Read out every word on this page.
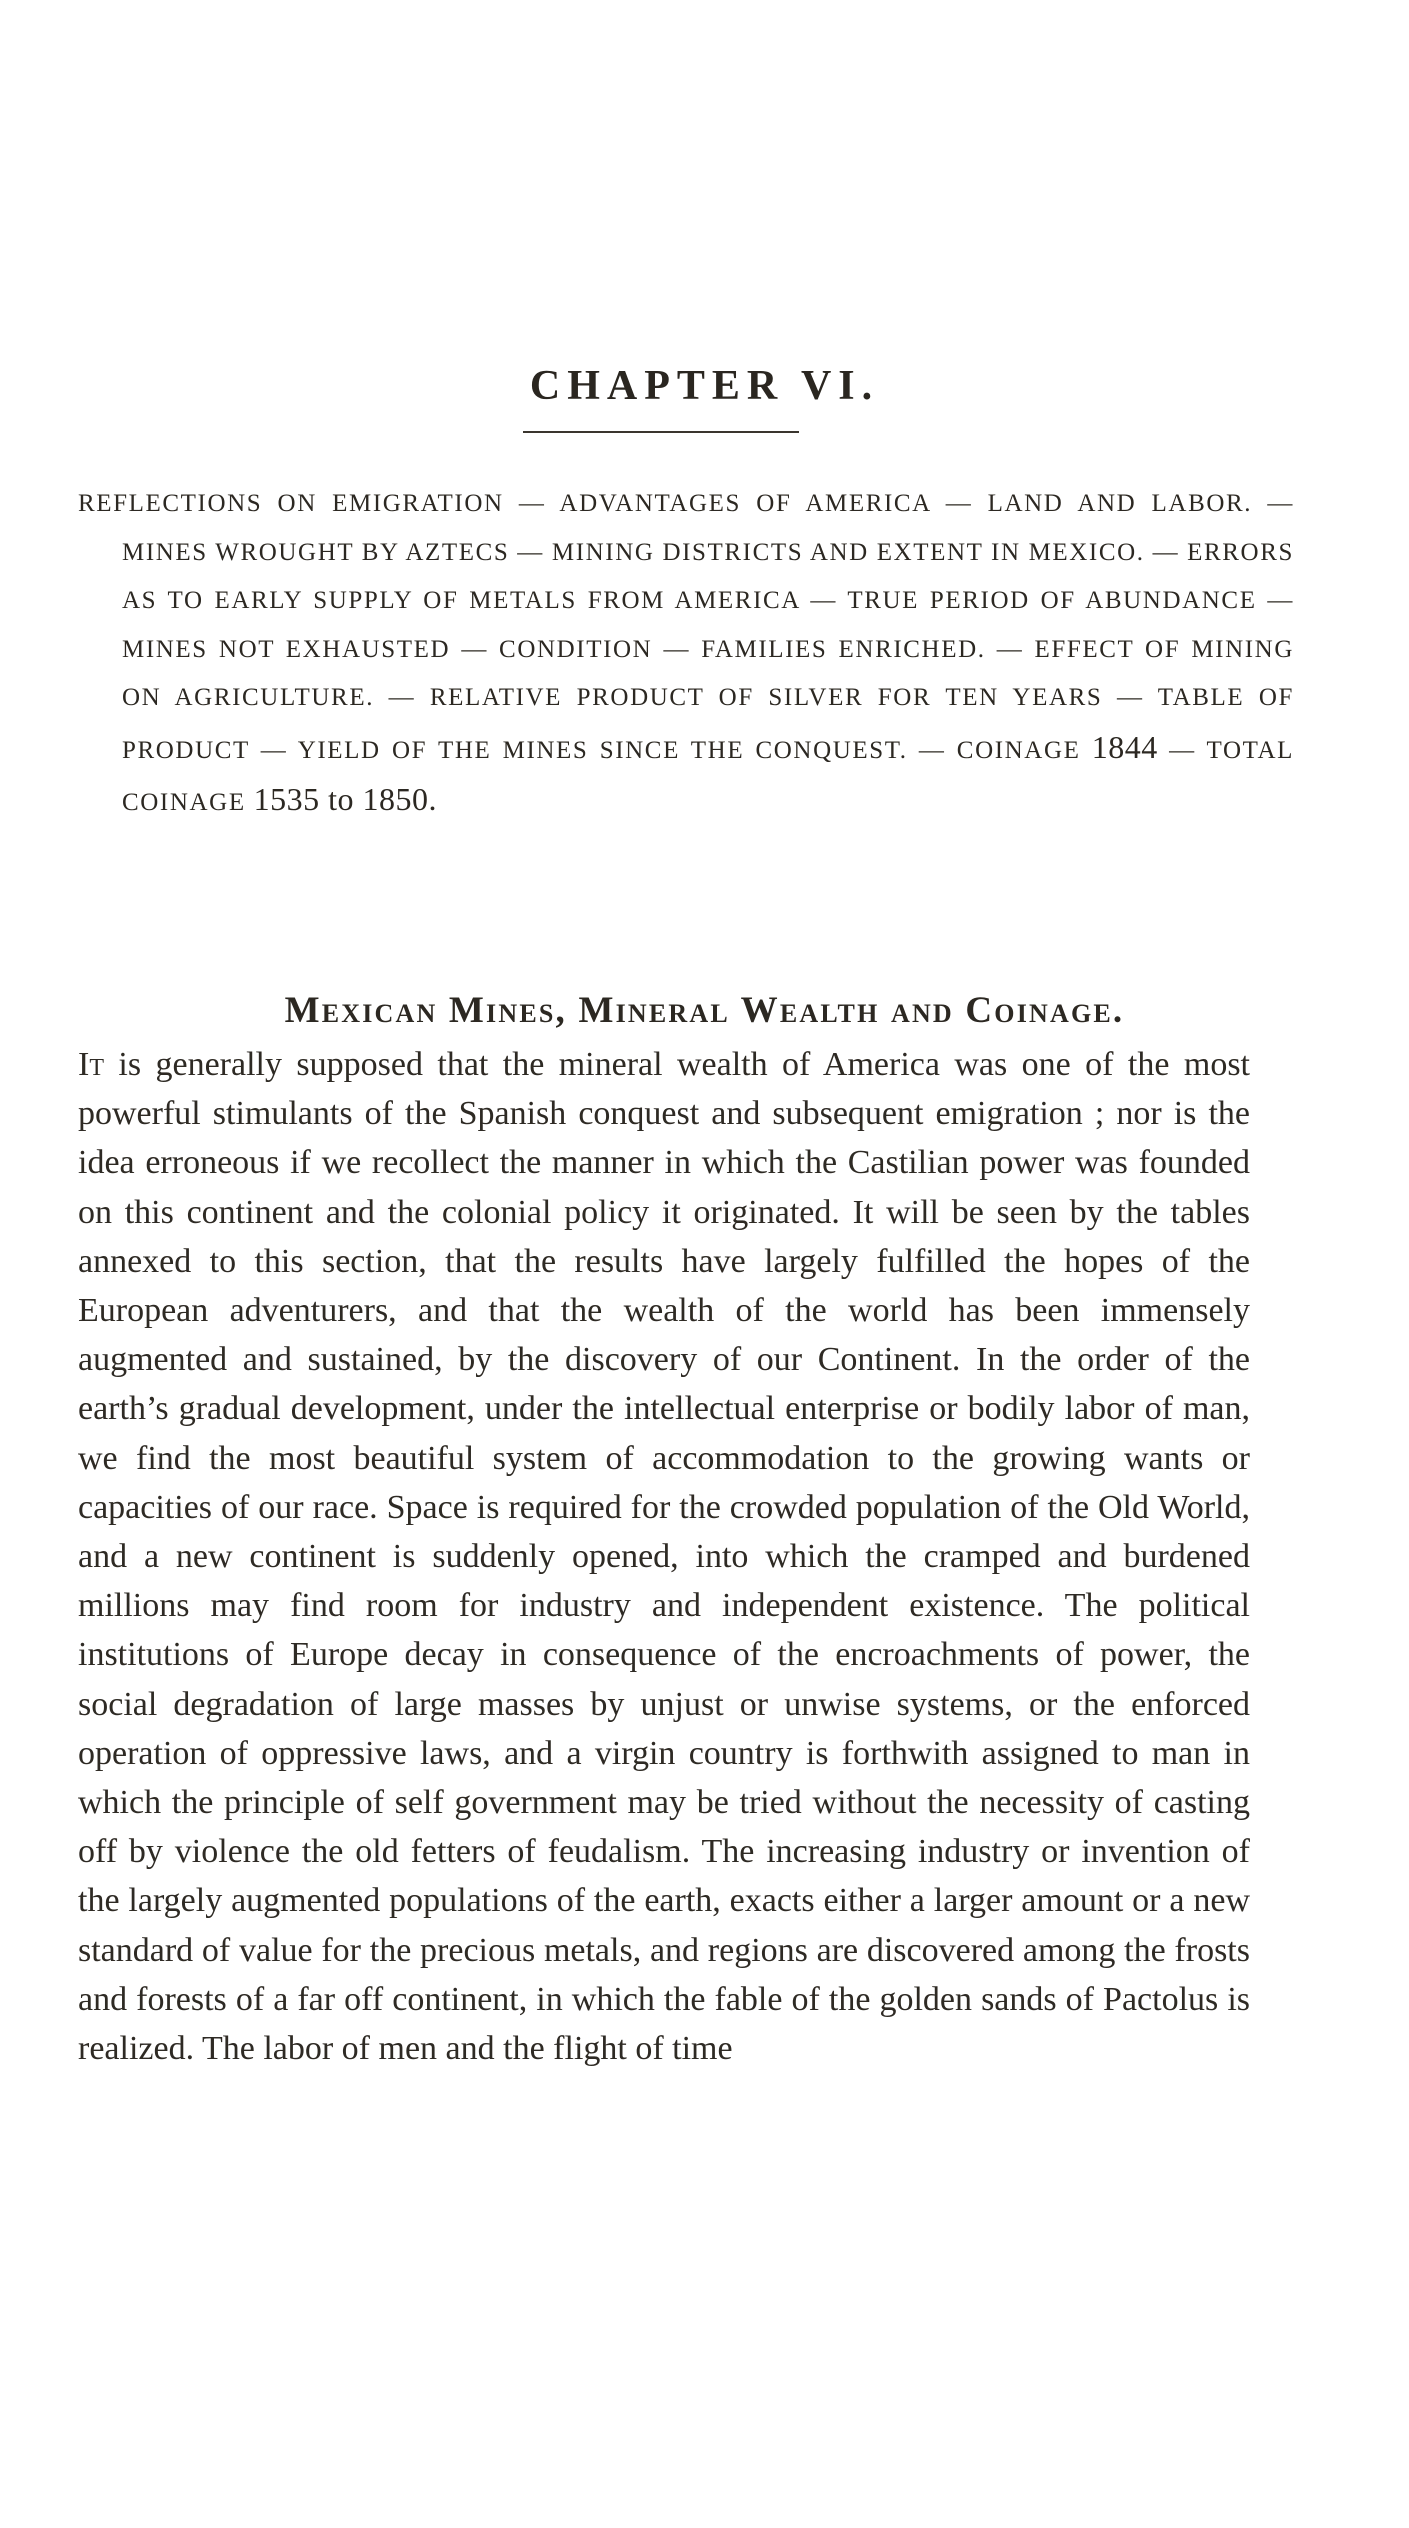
CHAPTER VI.

REFLECTIONS ON EMIGRATION — ADVANTAGES OF AMERICA — LAND AND LABOR. — MINES WROUGHT BY AZTECS — MINING DISTRICTS AND EXTENT IN MEXICO. — ERRORS AS TO EARLY SUPPLY OF METALS FROM AMERICA — TRUE PERIOD OF ABUNDANCE — MINES NOT EXHAUSTED — CONDITION — FAMILIES ENRICHED. — EFFECT OF MINING ON AGRICULTURE. — RELATIVE PRODUCT OF SILVER FOR TEN YEARS — TABLE OF PRODUCT — YIELD OF THE MINES SINCE THE CONQUEST. — COINAGE 1844 — TOTAL COINAGE 1535 to 1850.

Mexican Mines, Mineral Wealth and Coinage.

It is generally supposed that the mineral wealth of America was one of the most powerful stimulants of the Spanish conquest and subsequent emigration ; nor is the idea erroneous if we recollect the manner in which the Castilian power was founded on this continent and the colonial policy it originated. It will be seen by the tables annexed to this section, that the results have largely fulfilled the hopes of the European adventurers, and that the wealth of the world has been immensely augmented and sustained, by the discovery of our Continent. In the order of the earth’s gradual development, under the intellectual enterprise or bodily labor of man, we find the most beautiful system of accommodation to the growing wants or capacities of our race. Space is required for the crowded population of the Old World, and a new continent is suddenly opened, into which the cramped and burdened millions may find room for industry and independent existence. The political institutions of Europe decay in consequence of the encroachments of power, the social degradation of large masses by unjust or unwise systems, or the enforced operation of oppressive laws, and a virgin country is forthwith assigned to man in which the principle of self government may be tried without the necessity of casting off by violence the old fetters of feudalism. The increasing industry or invention of the largely augmented populations of the earth, exacts either a larger amount or a new standard of value for the precious metals, and regions are discovered among the frosts and forests of a far off continent, in which the fable of the golden sands of Pactolus is realized. The labor of men and the flight of time
